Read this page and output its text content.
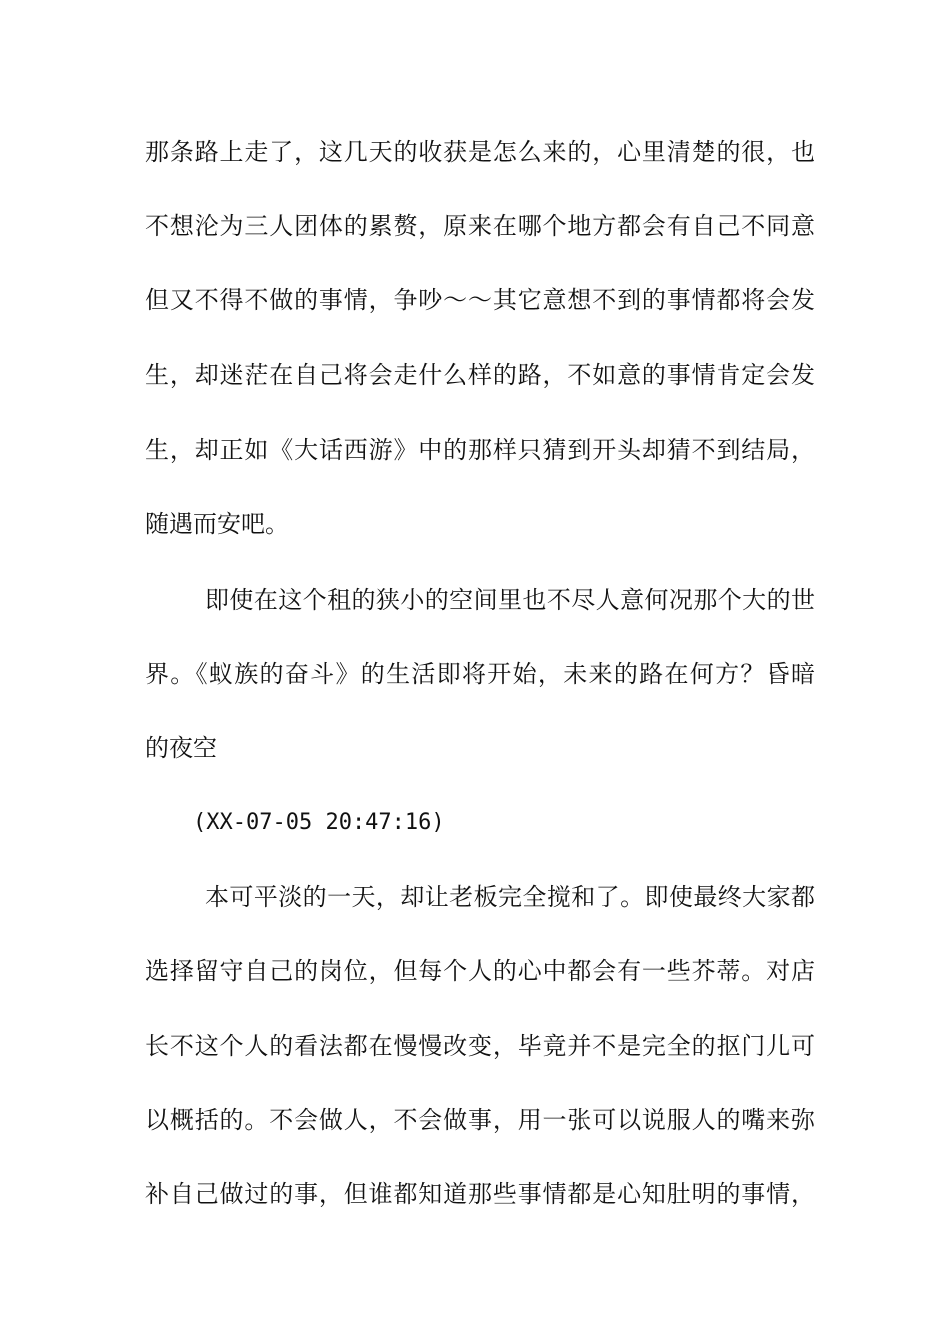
那条路上走了，这几天的收获是怎么来的，心里清楚的很，也

不想沦为三人团体的累赘，原来在哪个地方都会有自己不同意

但又不得不做的事情，争吵～～其它意想不到的事情都将会发

生，却迷茫在自己将会走什么样的路，不如意的事情肯定会发

生，却正如《大话西游》中的那样只猜到开头却猜不到结局，

随遇而安吧。

即使在这个租的狭小的空间里也不尽人意何况那个大的世

界。《蚁族的奋斗》的生活即将开始，未来的路在何方？昏暗

的夜空

(XX-07-05 20:47:16)

本可平淡的一天，却让老板完全搅和了。即使最终大家都

选择留守自己的岗位，但每个人的心中都会有一些芥蒂。对店

长不这个人的看法都在慢慢改变，毕竟并不是完全的抠门儿可

以概括的。不会做人，不会做事，用一张可以说服人的嘴来弥

补自己做过的事，但谁都知道那些事情都是心知肚明的事情，
